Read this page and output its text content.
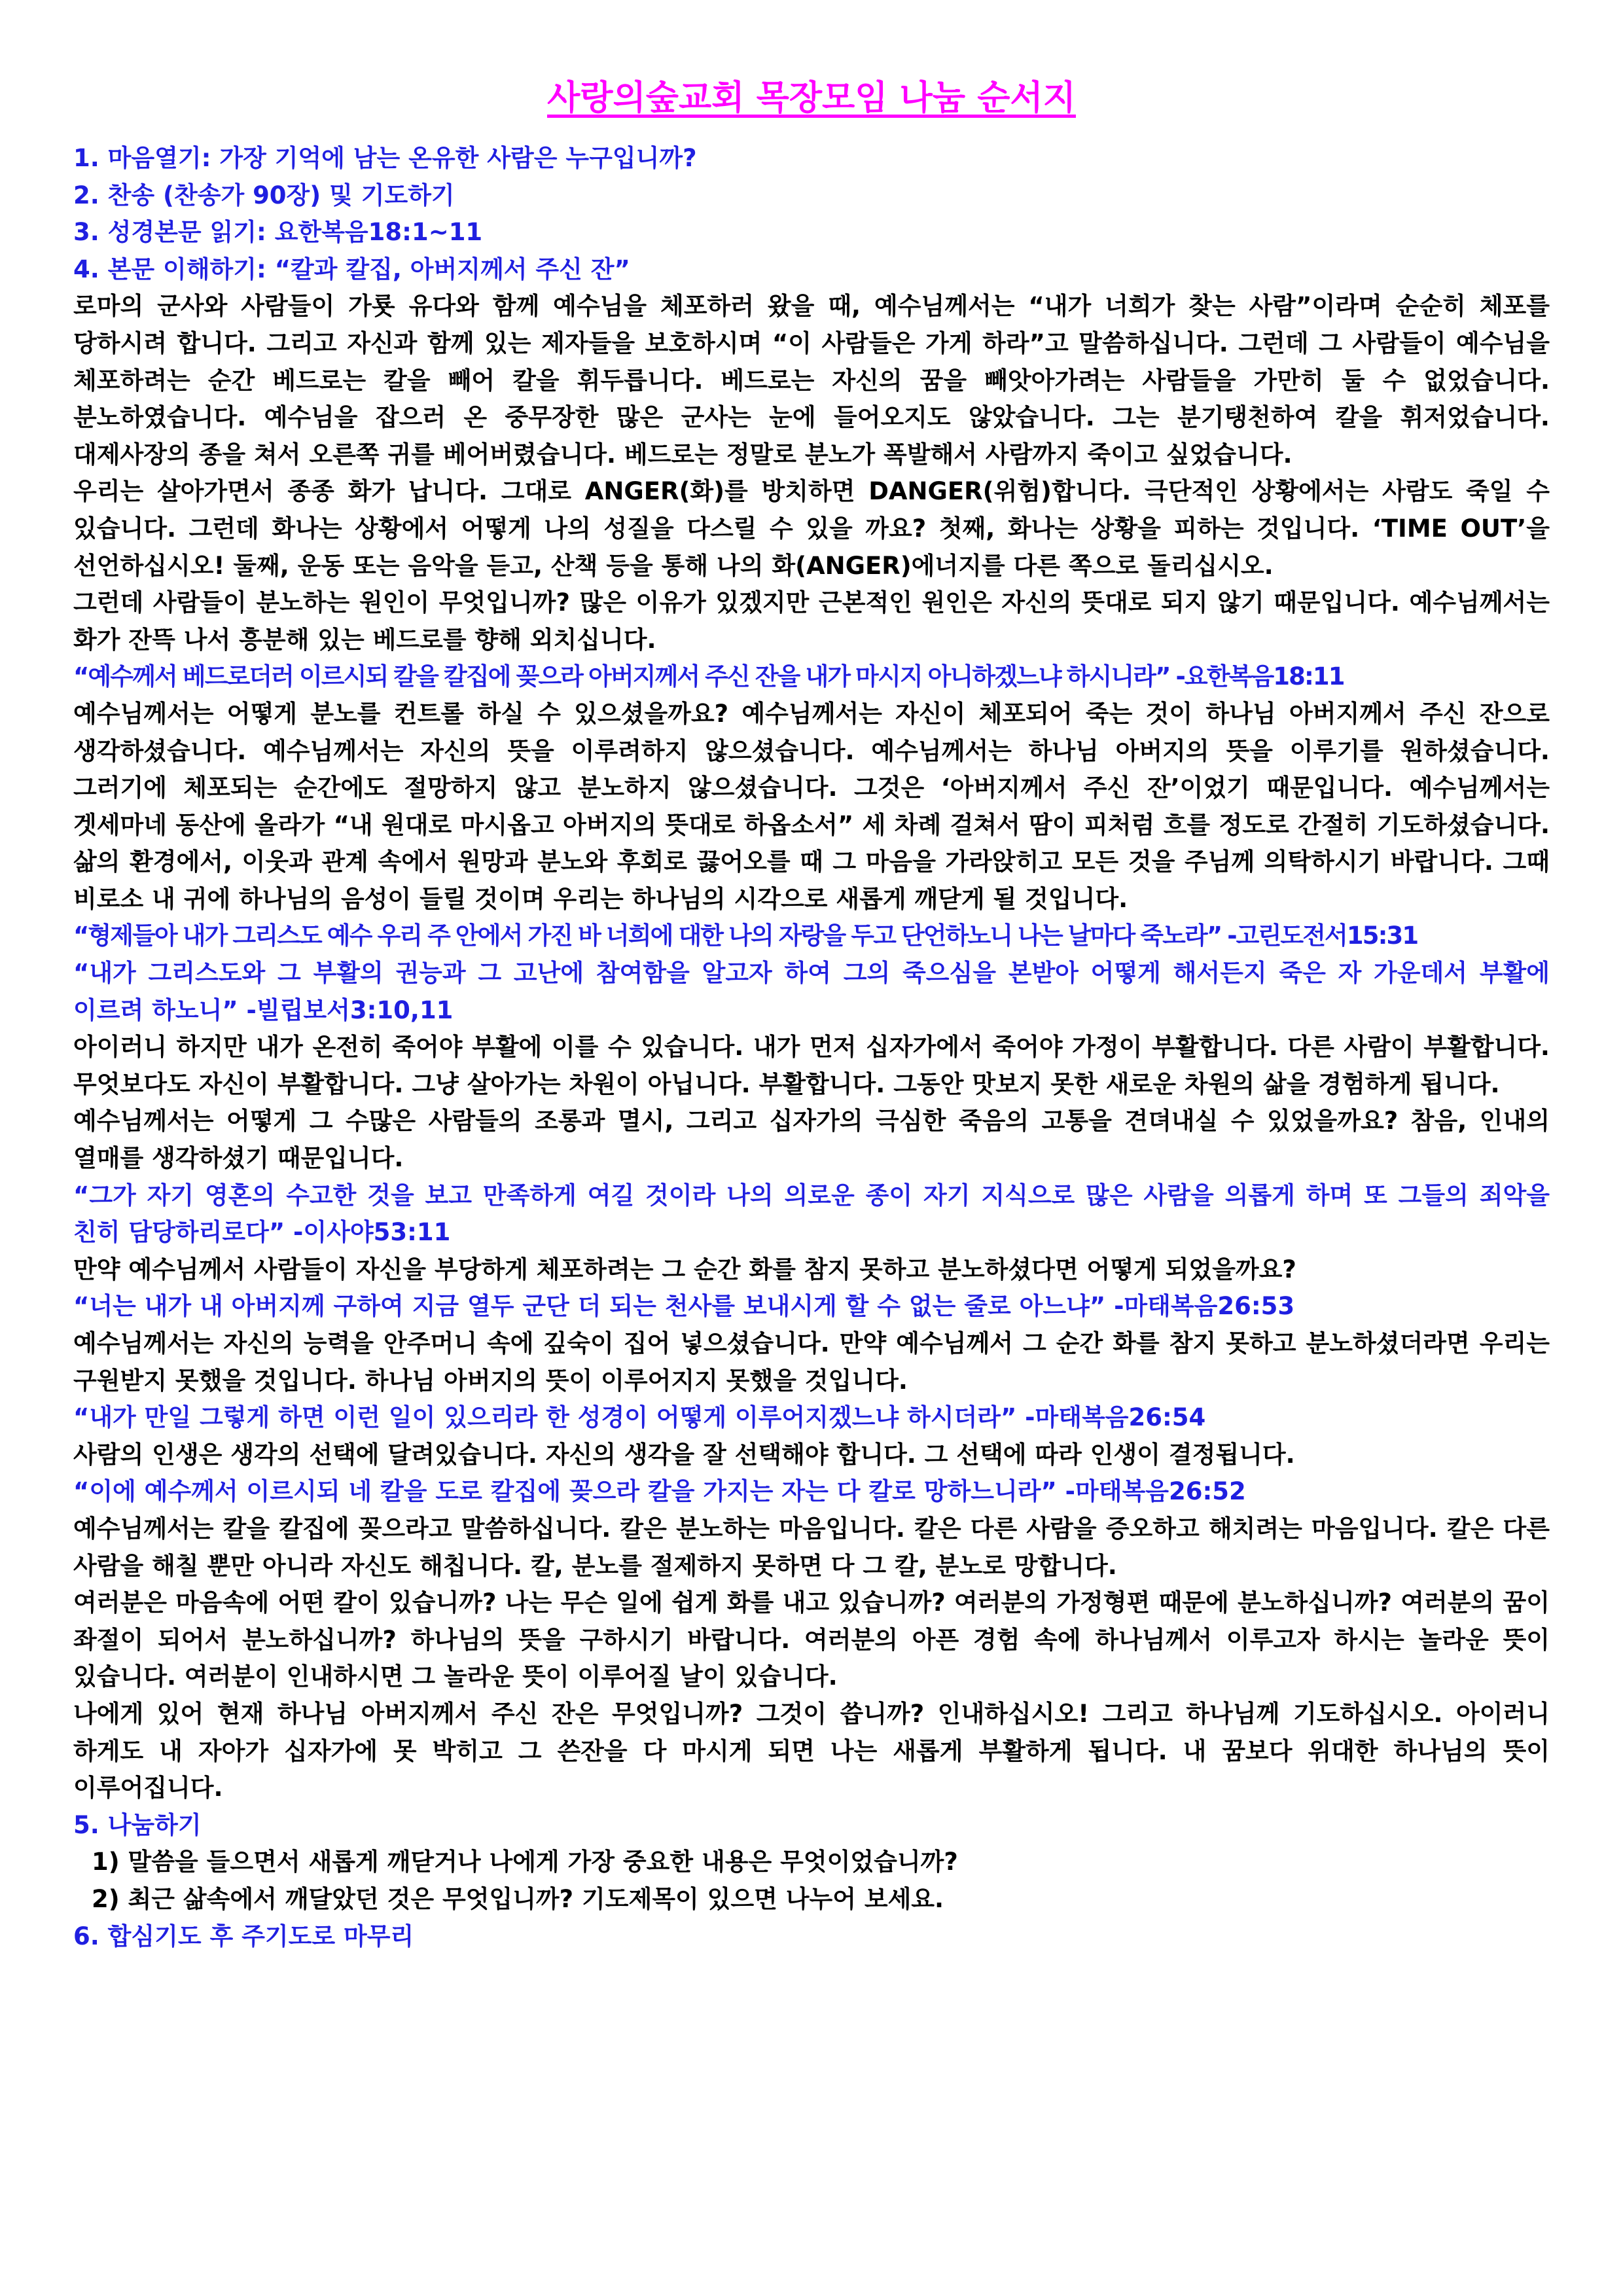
사랑의숲교회 목장모임 나눔 순서지

1. 마음열기: 가장 기억에 남는 온유한 사람은 누구입니까?

2. 찬송 (찬송가 90장) 및 기도하기

3. 성경본문 읽기: 요한복음18:1~11

4. 본문 이해하기: “칼과 칼집, 아버지께서 주신 잔”

로마의 군사와 사람들이 가룟 유다와 함께 예수님을 체포하러 왔을 때, 예수님께서는 “내가 너희가 찾는 사람”이라며 순순히 체포를 당하시려 합니다. 그리고 자신과 함께 있는 제자들을 보호하시며 “이 사람들은 가게 하라”고 말씀하십니다. 그런데 그 사람들이 예수님을 체포하려는 순간 베드로는 칼을 빼어 칼을 휘두릅니다. 베드로는 자신의 꿈을 빼앗아가려는 사람들을 가만히 둘 수 없었습니다. 분노하였습니다. 예수님을 잡으러 온 중무장한 많은 군사는 눈에 들어오지도 않았습니다. 그는 분기탱천하여 칼을 휘저었습니다. 대제사장의 종을 쳐서 오른쪽 귀를 베어버렸습니다. 베드로는 정말로 분노가 폭발해서 사람까지 죽이고 싶었습니다.

우리는 살아가면서 종종 화가 납니다. 그대로 ANGER(화)를 방치하면 DANGER(위험)합니다. 극단적인 상황에서는 사람도 죽일 수 있습니다. 그런데 화나는 상황에서 어떻게 나의 성질을 다스릴 수 있을 까요? 첫째, 화나는 상황을 피하는 것입니다. ‘TIME OUT’을 선언하십시오! 둘째, 운동 또는 음악을 듣고, 산책 등을 통해 나의 화(ANGER)에너지를 다른 쪽으로 돌리십시오.

그런데 사람들이 분노하는 원인이 무엇입니까? 많은 이유가 있겠지만 근본적인 원인은 자신의 뜻대로 되지 않기 때문입니다. 예수님께서는 화가 잔뜩 나서 흥분해 있는 베드로를 향해 외치십니다.

“예수께서 베드로더러 이르시되 칼을 칼집에 꽂으라 아버지께서 주신 잔을 내가 마시지 아니하겠느냐 하시니라” -요한복음18:11

예수님께서는 어떻게 분노를 컨트롤 하실 수 있으셨을까요? 예수님께서는 자신이 체포되어 죽는 것이 하나님 아버지께서 주신 잔으로 생각하셨습니다. 예수님께서는 자신의 뜻을 이루려하지 않으셨습니다. 예수님께서는 하나님 아버지의 뜻을 이루기를 원하셨습니다. 그러기에 체포되는 순간에도 절망하지 않고 분노하지 않으셨습니다. 그것은 ‘아버지께서 주신 잔’이었기 때문입니다. 예수님께서는 겟세마네 동산에 올라가 “내 원대로 마시옵고 아버지의 뜻대로 하옵소서” 세 차례 걸쳐서 땀이 피처럼 흐를 정도로 간절히 기도하셨습니다. 삶의 환경에서, 이웃과 관계 속에서 원망과 분노와 후회로 끓어오를 때 그 마음을 가라앉히고 모든 것을 주님께 의탁하시기 바랍니다. 그때 비로소 내 귀에 하나님의 음성이 들릴 것이며 우리는 하나님의 시각으로 새롭게 깨닫게 될 것입니다.

“형제들아 내가 그리스도 예수 우리 주 안에서 가진 바 너희에 대한 나의 자랑을 두고 단언하노니 나는 날마다 죽노라” -고린도전서15:31

“내가 그리스도와 그 부활의 권능과 그 고난에 참여함을 알고자 하여 그의 죽으심을 본받아 어떻게 해서든지 죽은 자 가운데서 부활에 이르려 하노니” -빌립보서3:10,11

아이러니 하지만 내가 온전히 죽어야 부활에 이를 수 있습니다. 내가 먼저 십자가에서 죽어야 가정이 부활합니다. 다른 사람이 부활합니다. 무엇보다도 자신이 부활합니다. 그냥 살아가는 차원이 아닙니다. 부활합니다. 그동안 맛보지 못한 새로운 차원의 삶을 경험하게 됩니다.

예수님께서는 어떻게 그 수많은 사람들의 조롱과 멸시, 그리고 십자가의 극심한 죽음의 고통을 견뎌내실 수 있었을까요? 참음, 인내의 열매를 생각하셨기 때문입니다.

“그가 자기 영혼의 수고한 것을 보고 만족하게 여길 것이라 나의 의로운 종이 자기 지식으로 많은 사람을 의롭게 하며 또 그들의 죄악을 친히 담당하리로다” -이사야53:11

만약 예수님께서 사람들이 자신을 부당하게 체포하려는 그 순간 화를 참지 못하고 분노하셨다면 어떻게 되었을까요?

“너는 내가 내 아버지께 구하여 지금 열두 군단 더 되는 천사를 보내시게 할 수 없는 줄로 아느냐” -마태복음26:53

예수님께서는 자신의 능력을 안주머니 속에 깊숙이 집어 넣으셨습니다. 만약 예수님께서 그 순간 화를 참지 못하고 분노하셨더라면 우리는 구원받지 못했을 것입니다. 하나님 아버지의 뜻이 이루어지지 못했을 것입니다.

“내가 만일 그렇게 하면 이런 일이 있으리라 한 성경이 어떻게 이루어지겠느냐 하시더라” -마태복음26:54

사람의 인생은 생각의 선택에 달려있습니다. 자신의 생각을 잘 선택해야 합니다. 그 선택에 따라 인생이 결정됩니다.

“이에 예수께서 이르시되 네 칼을 도로 칼집에 꽂으라 칼을 가지는 자는 다 칼로 망하느니라” -마태복음26:52

예수님께서는 칼을 칼집에 꽂으라고 말씀하십니다. 칼은 분노하는 마음입니다. 칼은 다른 사람을 증오하고 해치려는 마음입니다. 칼은 다른 사람을 해칠 뿐만 아니라 자신도 해칩니다. 칼, 분노를 절제하지 못하면 다 그 칼, 분노로 망합니다.

여러분은 마음속에 어떤 칼이 있습니까? 나는 무슨 일에 쉽게 화를 내고 있습니까? 여러분의 가정형편 때문에 분노하십니까? 여러분의 꿈이 좌절이 되어서 분노하십니까? 하나님의 뜻을 구하시기 바랍니다. 여러분의 아픈 경험 속에 하나님께서 이루고자 하시는 놀라운 뜻이 있습니다. 여러분이 인내하시면 그 놀라운 뜻이 이루어질 날이 있습니다.

나에게 있어 현재 하나님 아버지께서 주신 잔은 무엇입니까? 그것이 씁니까? 인내하십시오! 그리고 하나님께 기도하십시오. 아이러니 하게도 내 자아가 십자가에 못 박히고 그 쓴잔을 다 마시게 되면 나는 새롭게 부활하게 됩니다. 내 꿈보다 위대한 하나님의 뜻이 이루어집니다.

5. 나눔하기

1) 말씀을 들으면서 새롭게 깨닫거나 나에게 가장 중요한 내용은 무엇이었습니까?

2) 최근 삶속에서 깨달았던 것은 무엇입니까? 기도제목이 있으면 나누어 보세요.

6. 합심기도 후 주기도로 마무리
